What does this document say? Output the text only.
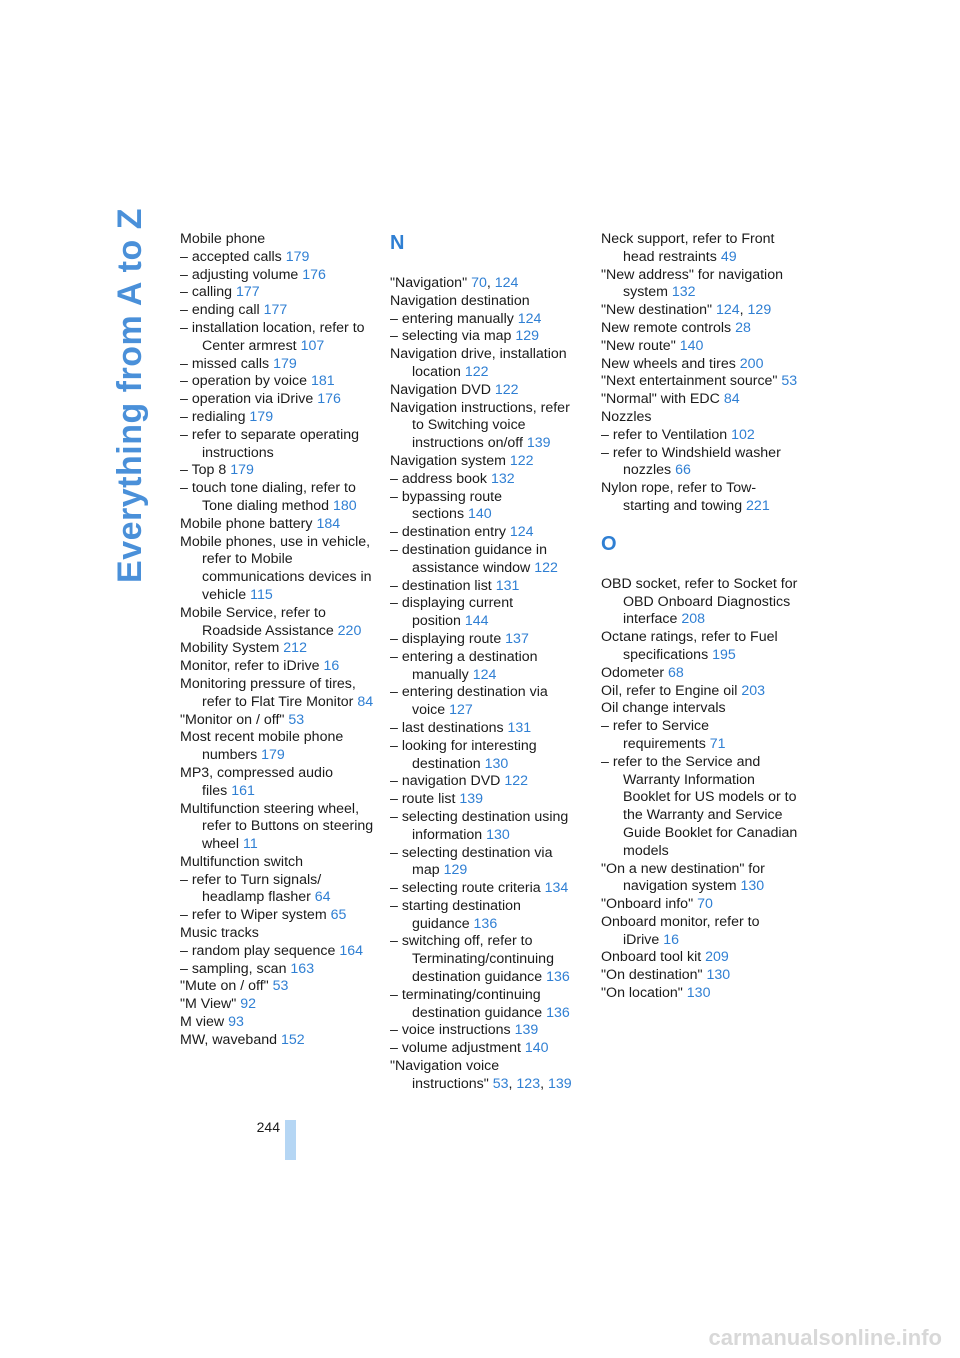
Everything from A to Z Mobile phone
– accepted calls 179
– adjusting volume 176
– calling 177
– ending call 177
– installation location, refer to Center armrest 107
– missed calls 179
– operation by voice 181
– operation via iDrive 176
– redialing 179
– refer to separate operating instructions
– Top 8 179
– touch tone dialing, refer to Tone dialing method 180
Mobile phone battery 184
Mobile phones, use in vehicle, refer to Mobile communications devices in vehicle 115
Mobile Service, refer to Roadside Assistance 220
Mobility System 212
Monitor, refer to iDrive 16
Monitoring pressure of tires, refer to Flat Tire Monitor 84
"Monitor on / off" 53
Most recent mobile phone numbers 179
MP3, compressed audio files 161
Multifunction steering wheel, refer to Buttons on steering wheel 11
Multifunction switch
– refer to Turn signals/ headlamp flasher 64
– refer to Wiper system 65
Music tracks
– random play sequence 164
– sampling, scan 163
"Mute on / off" 53
"M View" 92
M view 93
MW, waveband 152
N
"Navigation" 70, 124
Navigation destination
– entering manually 124
– selecting via map 129
Navigation drive, installation location 122
Navigation DVD 122
Navigation instructions, refer to Switching voice instructions on/off 139
Navigation system 122
– address book 132
– bypassing route sections 140
– destination entry 124
– destination guidance in assistance window 122
– destination list 131
– displaying current position 144
– displaying route 137
– entering a destination manually 124
– entering destination via voice 127
– last destinations 131
– looking for interesting destination 130
– navigation DVD 122
– route list 139
– selecting destination using information 130
– selecting destination via map 129
– selecting route criteria 134
– starting destination guidance 136
– switching off, refer to Terminating/continuing destination guidance 136
– terminating/continuing destination guidance 136
– voice instructions 139
– volume adjustment 140
"Navigation voice instructions" 53, 123, 139
Neck support, refer to Front head restraints 49
"New address" for navigation system 132
"New destination" 124, 129
New remote controls 28
"New route" 140
New wheels and tires 200
"Next entertainment source" 53
"Normal" with EDC 84
Nozzles
– refer to Ventilation 102
– refer to Windshield washer nozzles 66
Nylon rope, refer to Tow-starting and towing 221
O
OBD socket, refer to Socket for OBD Onboard Diagnostics interface 208
Octane ratings, refer to Fuel specifications 195
Odometer 68
Oil, refer to Engine oil 203
Oil change intervals
– refer to Service requirements 71
– refer to the Service and Warranty Information Booklet for US models or to the Warranty and Service Guide Booklet for Canadian models
"On a new destination" for navigation system 130
"Onboard info" 70
Onboard monitor, refer to iDrive 16
Onboard tool kit 209
"On destination" 130
"On location" 130
244
carmanualsonline.info
